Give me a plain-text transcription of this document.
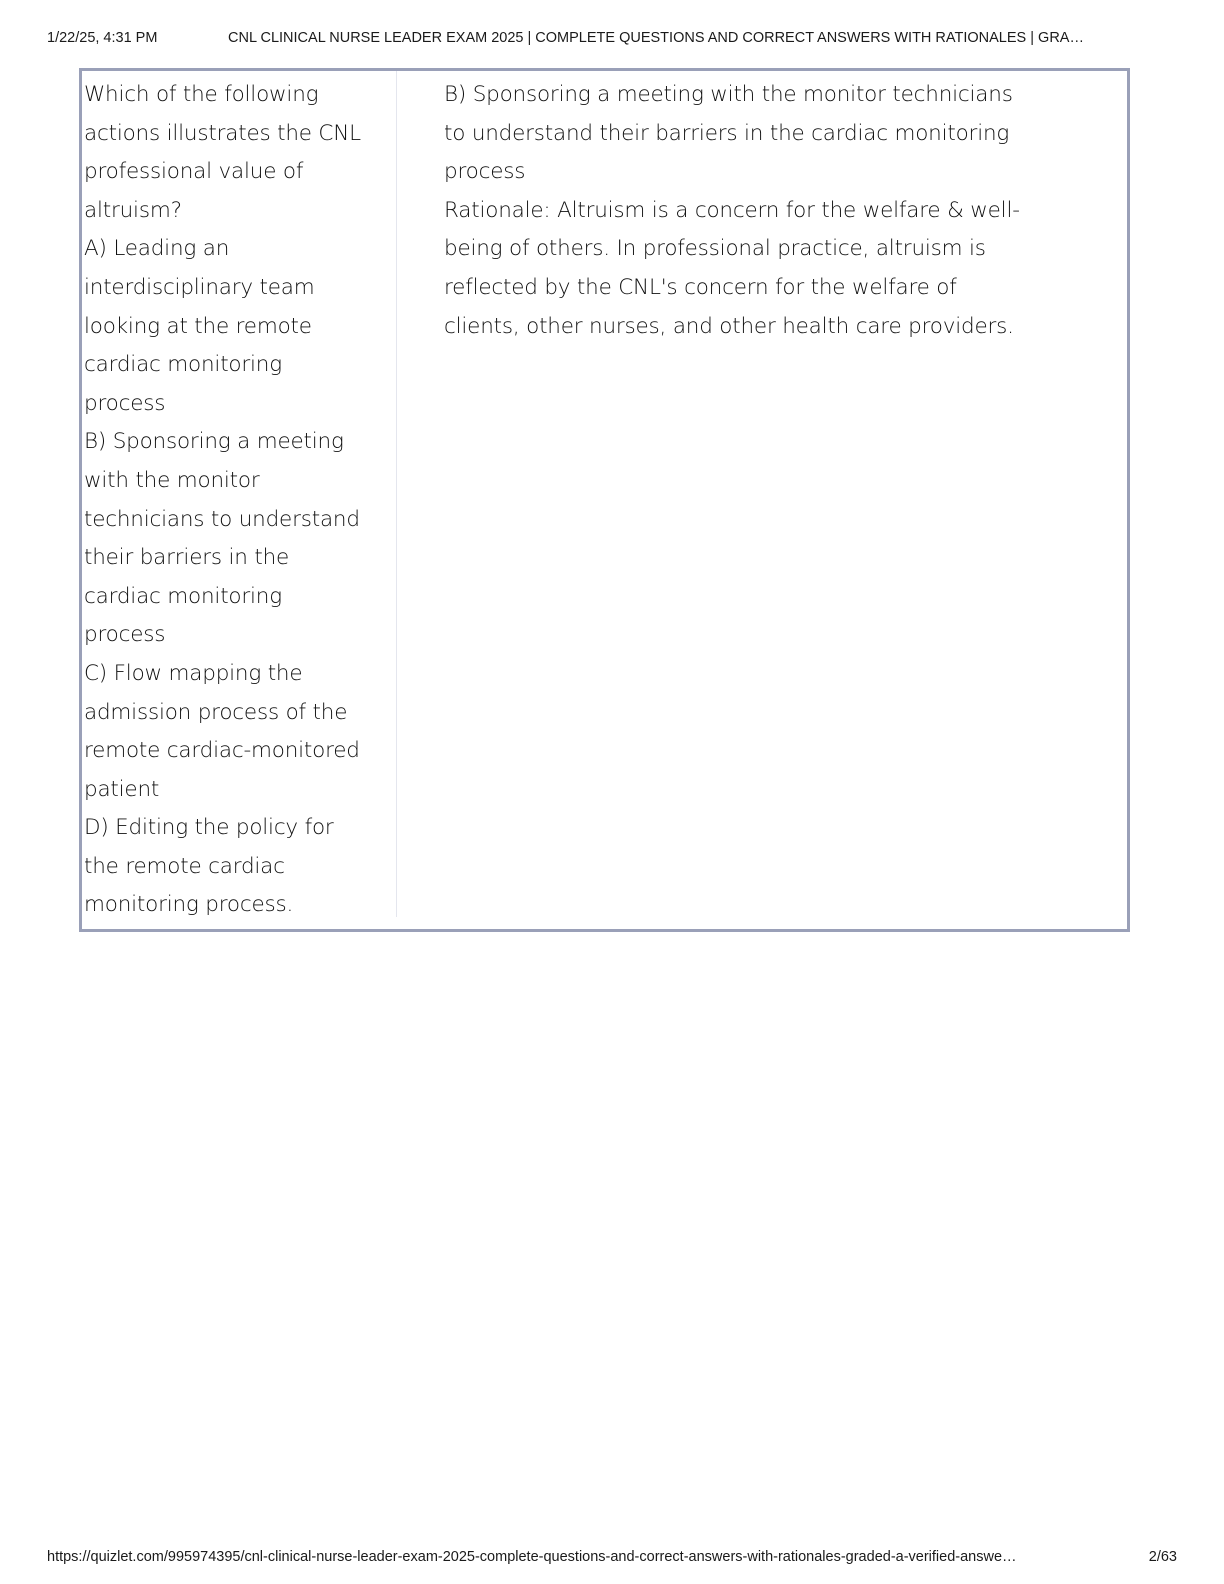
1/22/25, 4:31 PM	CNL CLINICAL NURSE LEADER EXAM 2025 | COMPLETE QUESTIONS AND CORRECT ANSWERS WITH RATIONALES | GRA…
Which of the following
actions illustrates the CNL
professional value of
altruism?
A) Leading an
interdisciplinary team
looking at the remote
cardiac monitoring
process
B) Sponsoring a meeting
with the monitor
technicians to understand
their barriers in the
cardiac monitoring
process
C) Flow mapping the
admission process of the
remote cardiac-monitored
patient
D) Editing the policy for
the remote cardiac
monitoring process.
B) Sponsoring a meeting with the monitor technicians
to understand their barriers in the cardiac monitoring
process
Rationale: Altruism is a concern for the welfare & well-
being of others. In professional practice, altruism is
reflected by the CNL's concern for the welfare of
clients, other nurses, and other health care providers.
https://quizlet.com/995974395/cnl-clinical-nurse-leader-exam-2025-complete-questions-and-correct-answers-with-rationales-graded-a-verified-answe…	2/63
